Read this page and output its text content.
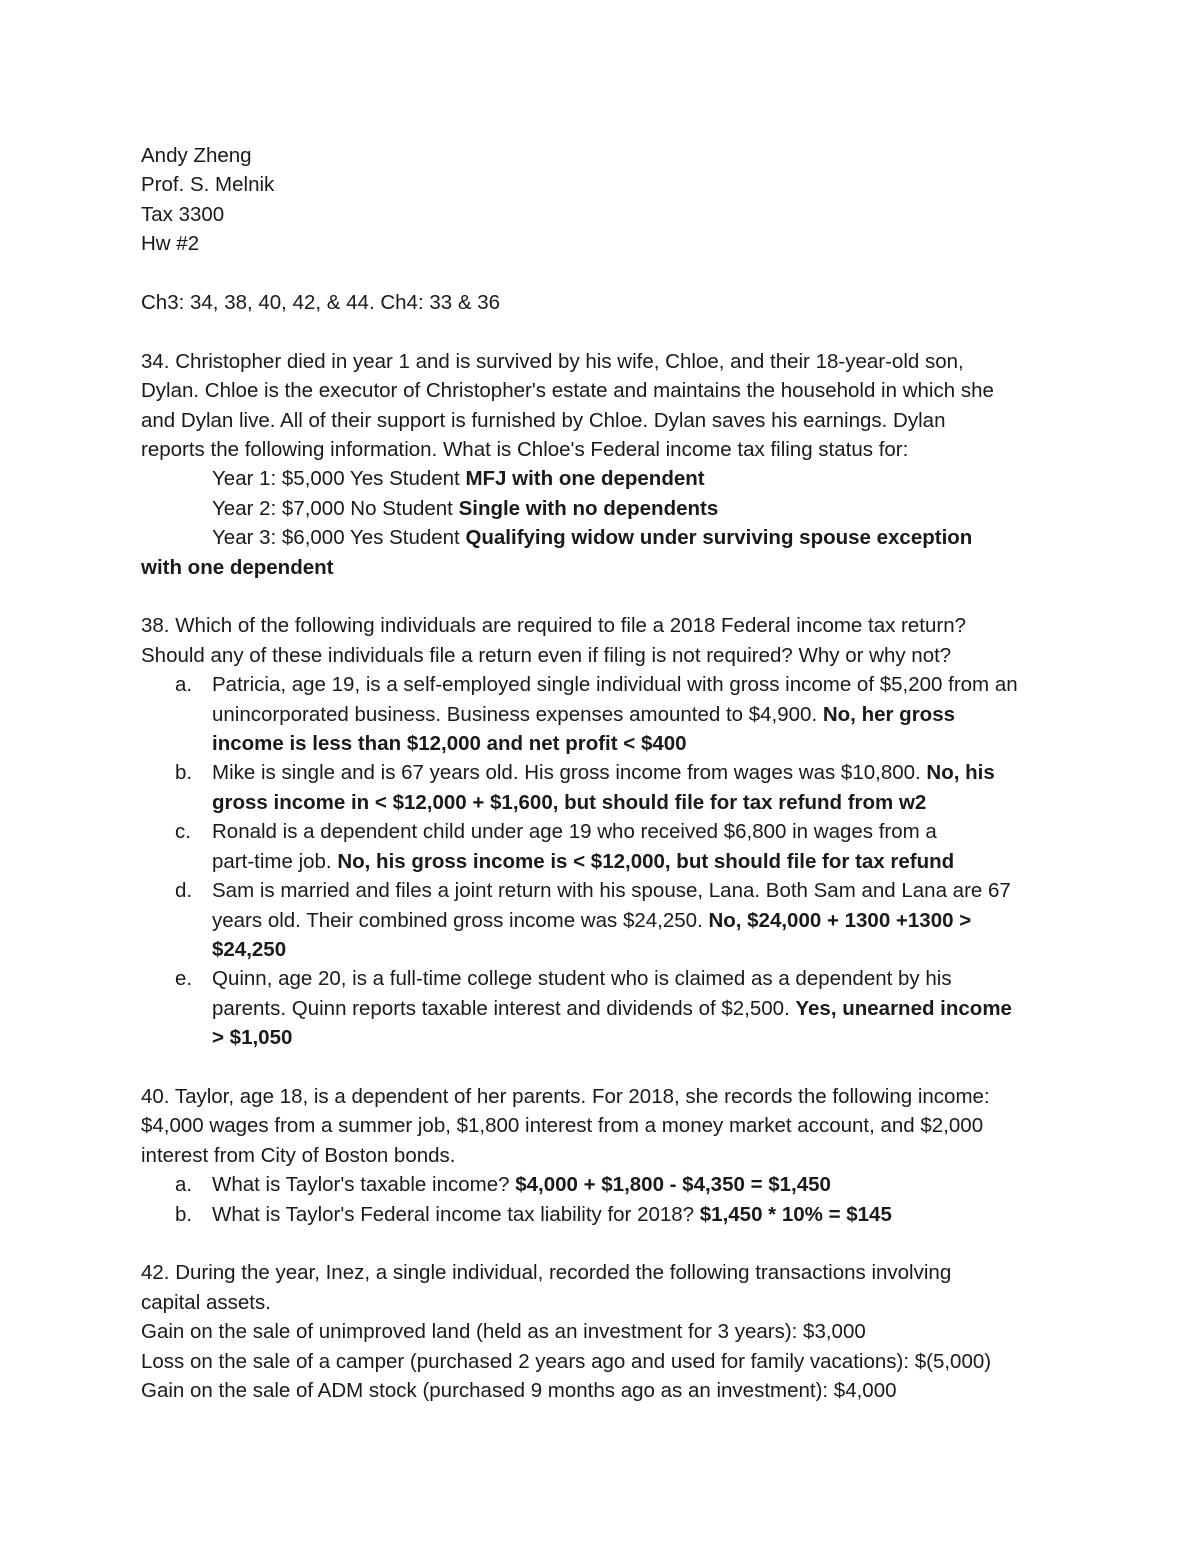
Andy Zheng
Prof. S. Melnik
Tax 3300
Hw #2
Ch3: 34, 38, 40, 42, & 44. Ch4: 33 & 36
34. Christopher died in year 1 and is survived by his wife, Chloe, and their 18-year-old son,
Dylan. Chloe is the executor of Christopher's estate and maintains the household in which she
and Dylan live. All of their support is furnished by Chloe. Dylan saves his earnings. Dylan
reports the following information. What is Chloe's Federal income tax filing status for:
Year 1: $5,000 Yes Student MFJ with one dependent
Year 2: $7,000 No Student Single with no dependents
Year 3: $6,000 Yes Student Qualifying widow under surviving spouse exception
with one dependent
38. Which of the following individuals are required to file a 2018 Federal income tax return?
Should any of these individuals file a return even if filing is not required? Why or why not?
a. Patricia, age 19, is a self-employed single individual with gross income of $5,200 from an
unincorporated business. Business expenses amounted to $4,900. No, her gross
income is less than $12,000 and net profit < $400
b. Mike is single and is 67 years old. His gross income from wages was $10,800. No, his
gross income in < $12,000 + $1,600, but should file for tax refund from w2
c. Ronald is a dependent child under age 19 who received $6,800 in wages from a
part-time job. No, his gross income is < $12,000, but should file for tax refund
d. Sam is married and files a joint return with his spouse, Lana. Both Sam and Lana are 67
years old. Their combined gross income was $24,250. No, $24,000 + 1300 +1300 >
$24,250
e. Quinn, age 20, is a full-time college student who is claimed as a dependent by his
parents. Quinn reports taxable interest and dividends of $2,500. Yes, unearned income
> $1,050
40. Taylor, age 18, is a dependent of her parents. For 2018, she records the following income:
$4,000 wages from a summer job, $1,800 interest from a money market account, and $2,000
interest from City of Boston bonds.
a. What is Taylor's taxable income? $4,000 + $1,800 - $4,350 = $1,450
b. What is Taylor's Federal income tax liability for 2018? $1,450 * 10% = $145
42. During the year, Inez, a single individual, recorded the following transactions involving
capital assets.
Gain on the sale of unimproved land (held as an investment for 3 years): $3,000
Loss on the sale of a camper (purchased 2 years ago and used for family vacations): $(5,000)
Gain on the sale of ADM stock (purchased 9 months ago as an investment): $4,000
